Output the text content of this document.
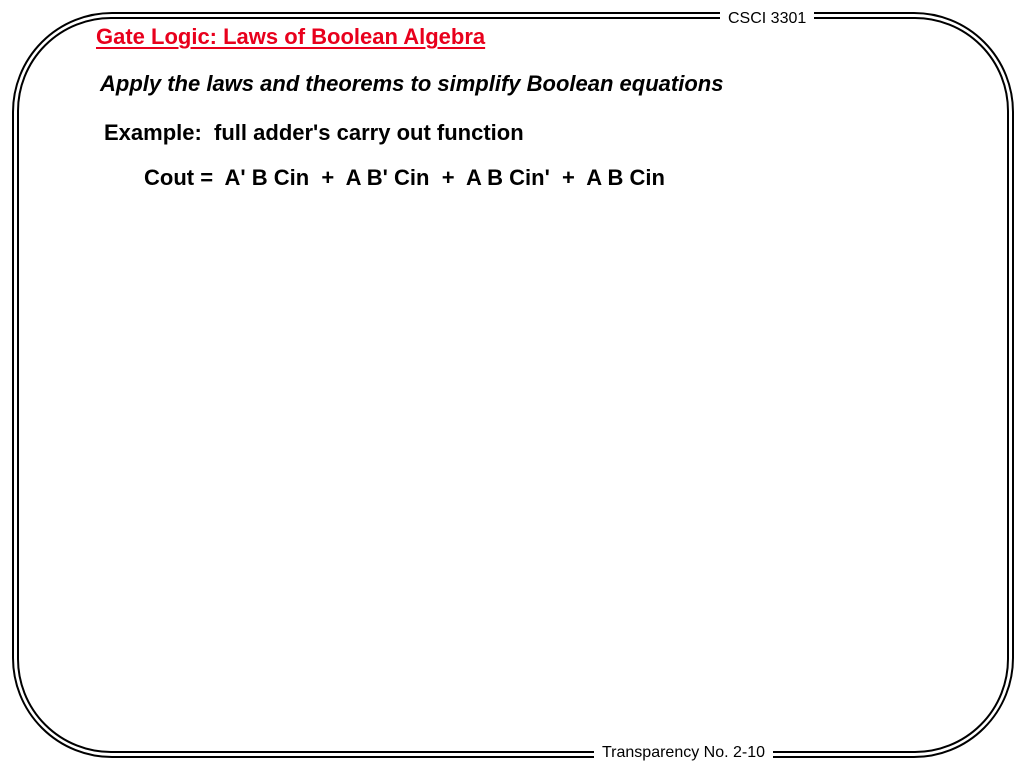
CSCI 3301
Transparency No. 2-10
Gate Logic: Laws of Boolean Algebra
Apply the laws and theorems to simplify Boolean equations
Example:  full adder's carry out function
Cout =  A' B Cin  +  A B' Cin  +  A B Cin'  +  A B Cin
